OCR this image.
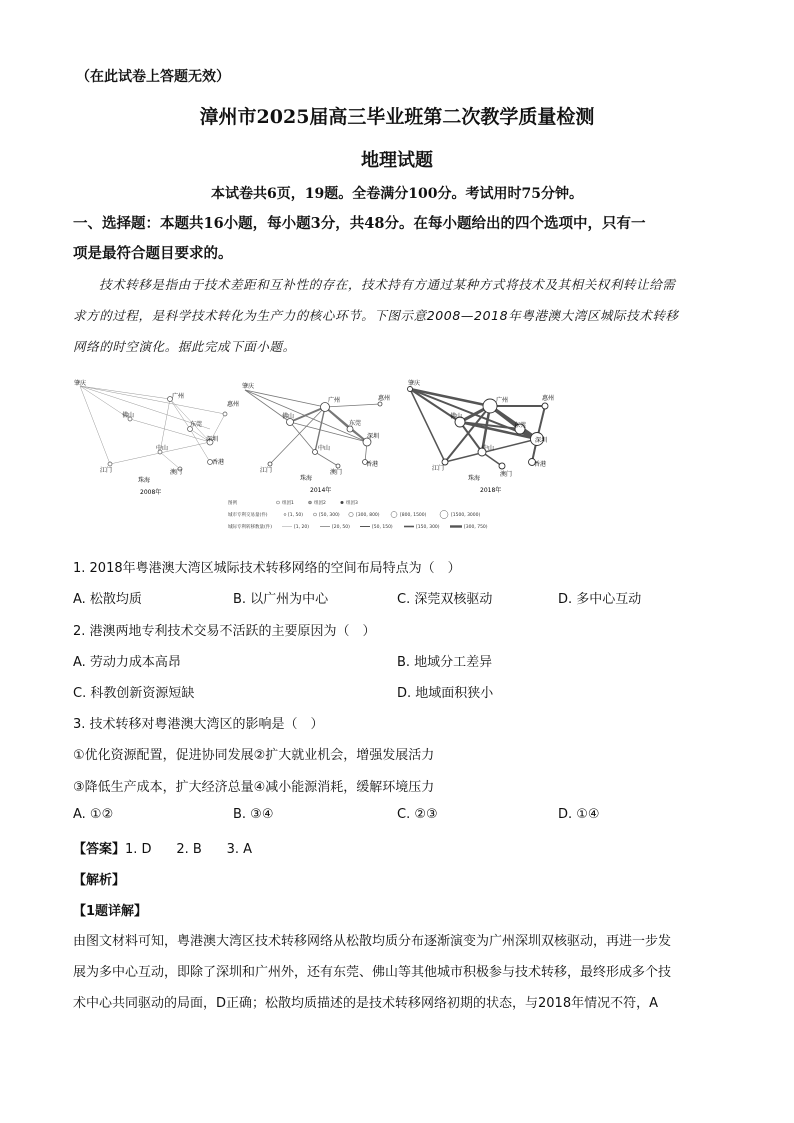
（在此试卷上答题无效）
漳州市2025届高三毕业班第二次教学质量检测
地理试题
本试卷共6页，19题。全卷满分100分。考试用时75分钟。
一、选择题：本题共16小题，每小题3分，共48分。在每小题给出的四个选项中，只有一
项是最符合题目要求的。
技术转移是指由于技术差距和互补性的存在，技术持有方通过某种方式将技术及其相关权利转让给需
求方的过程，是科学技术转化为生产力的核心环节。下图示意2008—2018年粤港澳大湾区城际技术转移
网络的时空演化。据此完成下面小题。
肇庆
广州
惠州
佛山
东莞
深圳
中山
江门
香港
澳门
珠海
2008年
肇庆
广州	惠州
佛山
东莞
深圳
中山
江门
香港
澳门
珠海
2014年
肇庆
广州	惠州
佛山
东莞
深圳
中山
江门
香港
澳门
珠海
2018年
图例	组团1	组团2	组团3
城市专利交易量(件)	[1, 50)	[50, 300)	[300, 800)	[800, 1500)	[1500, 3000)
城际专利转移数量(件)	[1, 20)	[20, 50)	[50, 150)	[150, 300)	[300, 750)
1. 2018年粤港澳大湾区城际技术转移网络的空间布局特点为（　）
A. 松散均质	B. 以广州为中心	C. 深莞双核驱动	D. 多中心互动
2. 港澳两地专利技术交易不活跃的主要原因为（　）
A. 劳动力成本高昂	B. 地域分工差异
C. 科教创新资源短缺	D. 地域面积狭小
3. 技术转移对粤港澳大湾区的影响是（　）
①优化资源配置，促进协同发展②扩大就业机会，增强发展活力
③降低生产成本，扩大经济总量④减小能源消耗，缓解环境压力
A. ①②	B. ③④	C. ②③	D. ①④
【答案】1. D 2. B 3. A
【解析】
【1题详解】
由图文材料可知，粤港澳大湾区技术转移网络从松散均质分布逐渐演变为广州深圳双核驱动，再进一步发
展为多中心互动，即除了深圳和广州外，还有东莞、佛山等其他城市积极参与技术转移，最终形成多个技
术中心共同驱动的局面，D正确；松散均质描述的是技术转移网络初期的状态，与2018年情况不符，A
